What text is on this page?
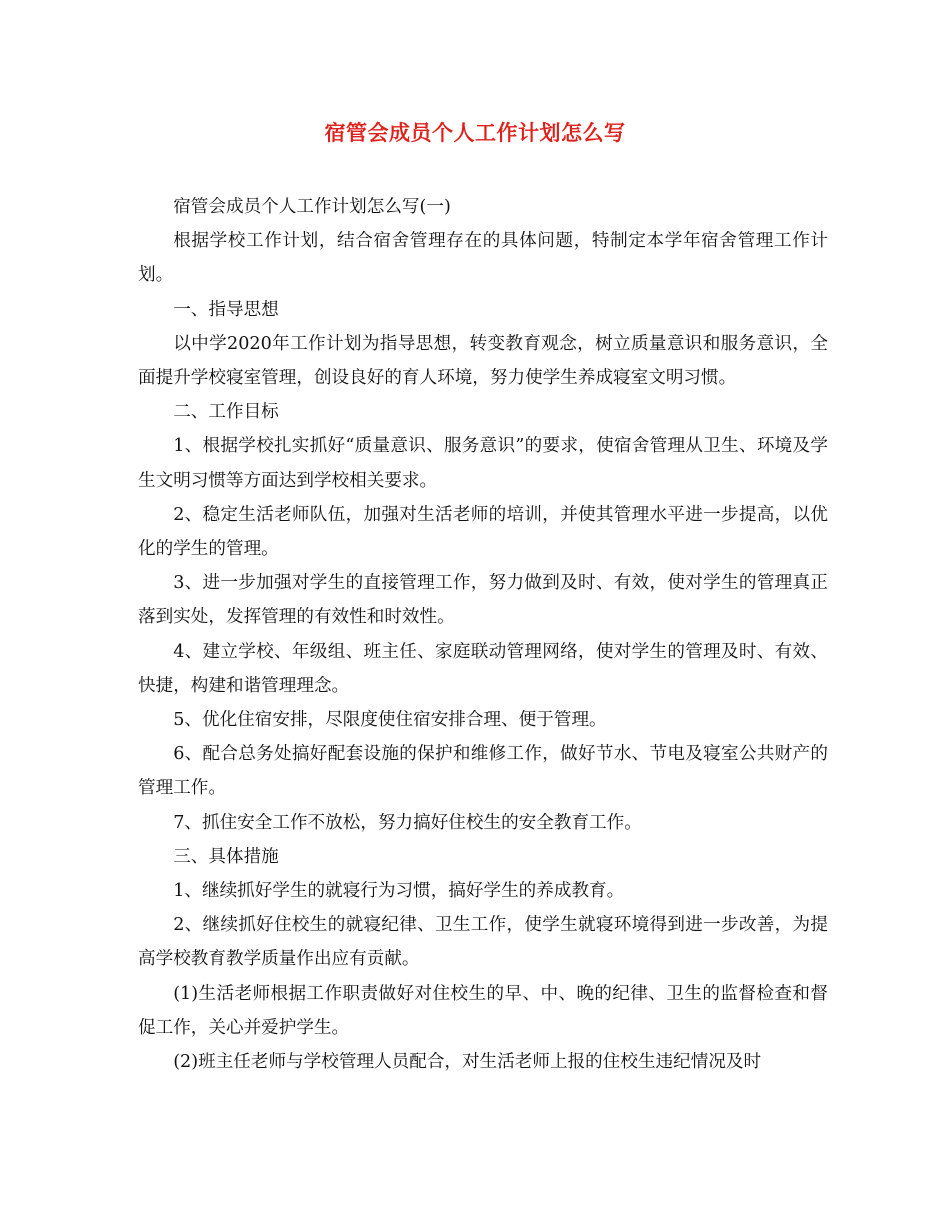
宿管会成员个人工作计划怎么写

宿管会成员个人工作计划怎么写(一)

根据学校工作计划，结合宿舍管理存在的具体问题，特制定本学年宿舍管理工作计划。

一、指导思想

以中学2020年工作计划为指导思想，转变教育观念，树立质量意识和服务意识，全面提升学校寝室管理，创设良好的育人环境，努力使学生养成寝室文明习惯。

二、工作目标

1、根据学校扎实抓好“质量意识、服务意识”的要求，使宿舍管理从卫生、环境及学生文明习惯等方面达到学校相关要求。

2、稳定生活老师队伍，加强对生活老师的培训，并使其管理水平进一步提高，以优化的学生的管理。

3、进一步加强对学生的直接管理工作，努力做到及时、有效，使对学生的管理真正落到实处，发挥管理的有效性和时效性。

4、建立学校、年级组、班主任、家庭联动管理网络，使对学生的管理及时、有效、快捷，构建和谐管理理念。

5、优化住宿安排，尽限度使住宿安排合理、便于管理。

6、配合总务处搞好配套设施的保护和维修工作，做好节水、节电及寝室公共财产的管理工作。

7、抓住安全工作不放松，努力搞好住校生的安全教育工作。

三、具体措施

1、继续抓好学生的就寝行为习惯，搞好学生的养成教育。

2、继续抓好住校生的就寝纪律、卫生工作，使学生就寝环境得到进一步改善，为提高学校教育教学质量作出应有贡献。

(1)生活老师根据工作职责做好对住校生的早、中、晚的纪律、卫生的监督检查和督促工作，关心并爱护学生。

(2)班主任老师与学校管理人员配合，对生活老师上报的住校生违纪情况及时
